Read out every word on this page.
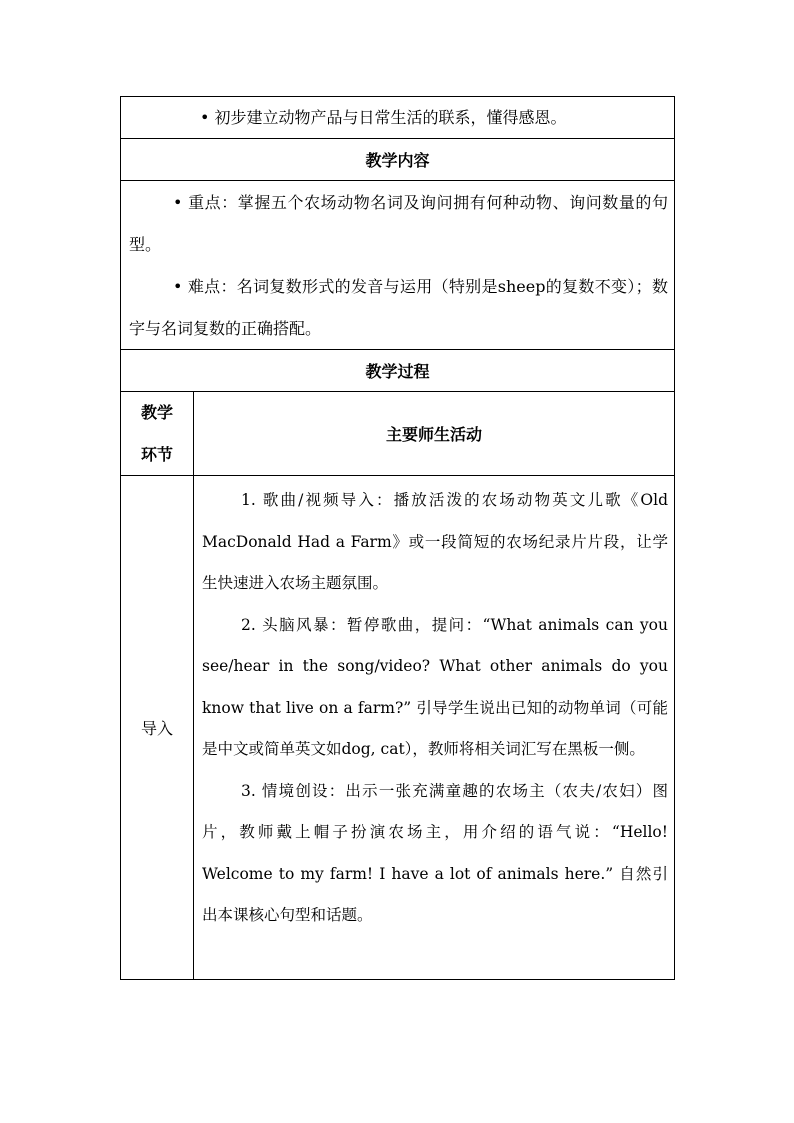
• 初步建立动物产品与日常生活的联系，懂得感恩。	

教学内容	

• 重点：掌握五个农场动物名词及询问拥有何种动物、询问数量的句型。
• 难点：名词复数形式的发音与运用（特别是sheep的复数不变）；数字与名词复数的正确搭配。	

教学过程	

教学
环节	主要师生活动
导入	1. 歌曲/视频导入：播放活泼的农场动物英文儿歌《Old MacDonald Had a Farm》或一段简短的农场纪录片片段，让学生快速进入农场主题氛围。
2. 头脑风暴：暂停歌曲，提问：“What animals can you see/hear in the song/video? What other animals do you know that live on a farm?” 引导学生说出已知的动物单词（可能是中文或简单英文如dog, cat），教师将相关词汇写在黑板一侧。
3. 情境创设：出示一张充满童趣的农场主（农夫/农妇）图片，教师戴上帽子扮演农场主，用介绍的语气说：“Hello! Welcome to my farm! I have a lot of animals here.” 自然引出本课核心句型和话题。
